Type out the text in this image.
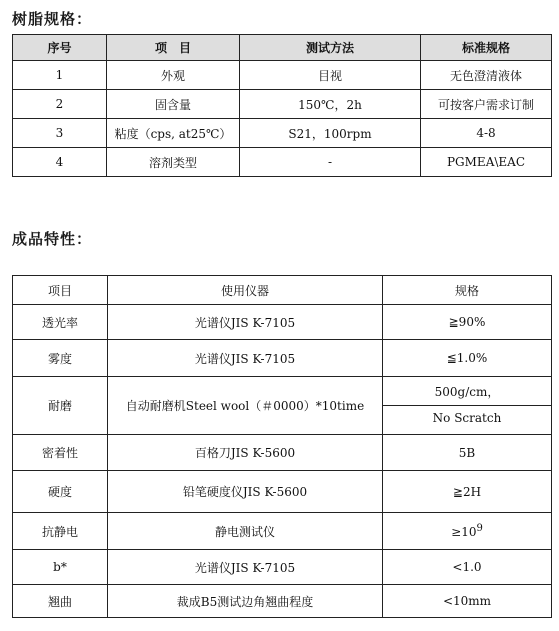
树脂规格：
序号	项　目	测试方法	标准规格
1	外观	目视	无色澄清液体
2	固含量	150℃，2h	可按客户需求订制
3	粘度（cps, at25℃）	S21，100rpm	4-8
4	溶剂类型	-	PGMEA\EAC
成品特性：
项目	使用仪器	规格
透光率	光谱仪JIS K-7105	≧90%
雾度	光谱仪JIS K-7105	≦1.0%
耐磨	自动耐磨机Steel wool（＃0000）*10time	500g/cm，
No Scratch

密着性	百格刀JIS K-5600	5B
硬度	铅笔硬度仪JIS K-5600	≧2H
抗静电	静电测试仪	$\ge 10^9$
b*	光谱仪JIS K-7105	<1.0
翘曲	裁成B5测试边角翘曲程度	<10mm
